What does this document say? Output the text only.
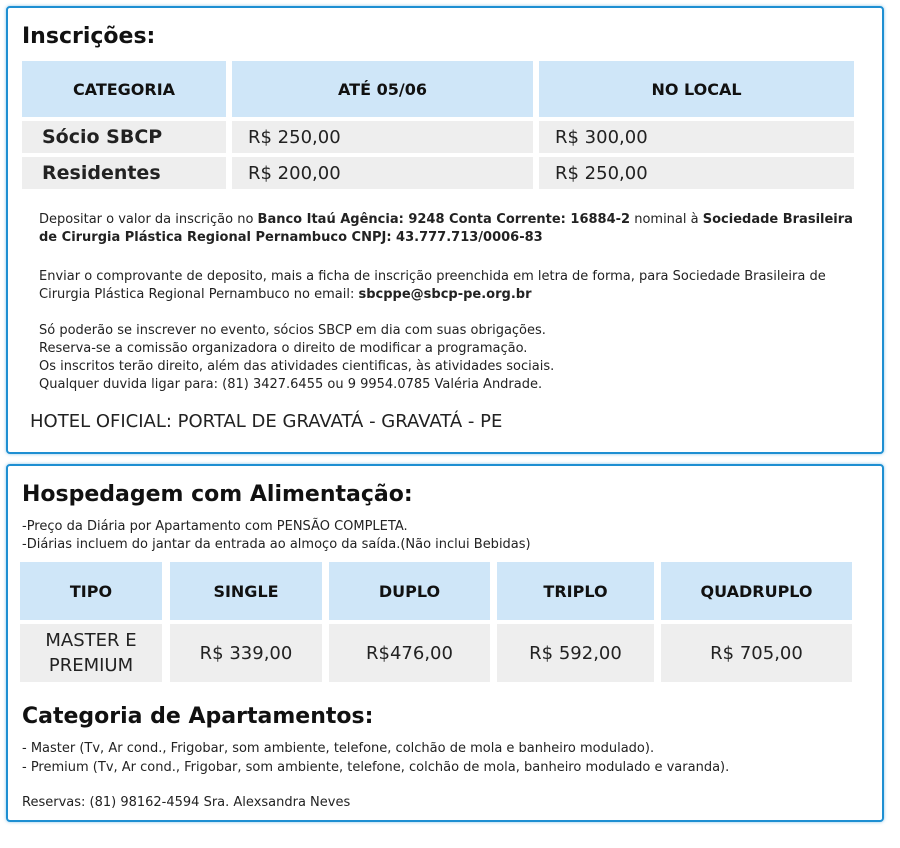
Inscrições:
CATEGORIA	ATÉ 05/06	NO LOCAL
Sócio SBCP	R$ 250,00	R$ 300,00
Residentes	R$ 200,00	R$ 250,00
Depositar o valor da inscrição no Banco Itaú Agência: 9248 Conta Corrente: 16884-2 nominal à Sociedade Brasileira
de Cirurgia Plástica Regional Pernambuco CNPJ: 43.777.713/0006-83
Enviar o comprovante de deposito, mais a ficha de inscrição preenchida em letra de forma, para Sociedade Brasileira de
Cirurgia Plástica Regional Pernambuco no email: sbcppe@sbcp-pe.org.br
Só poderão se inscrever no evento, sócios SBCP em dia com suas obrigações.
Reserva-se a comissão organizadora o direito de modificar a programação.
Os inscritos terão direito, além das atividades cientificas, às atividades sociais.
Qualquer duvida ligar para: (81) 3427.6455 ou 9 9954.0785 Valéria Andrade.
HOTEL OFICIAL: PORTAL DE GRAVATÁ - GRAVATÁ - PE
Hospedagem com Alimentação:
-Preço da Diária por Apartamento com PENSÃO COMPLETA.
-Diárias incluem do jantar da entrada ao almoço da saída.(Não inclui Bebidas)
TIPO	SINGLE	DUPLO	TRIPLO	QUADRUPLO
MASTER E
PREMIUM
R$ 339,00	R$476,00	R$ 592,00	R$ 705,00
Categoria de Apartamentos:
- Master (Tv, Ar cond., Frigobar, som ambiente, telefone, colchão de mola e banheiro modulado).
- Premium (Tv, Ar cond., Frigobar, som ambiente, telefone, colchão de mola, banheiro modulado e varanda).
Reservas: (81) 98162-4594 Sra. Alexsandra Neves
